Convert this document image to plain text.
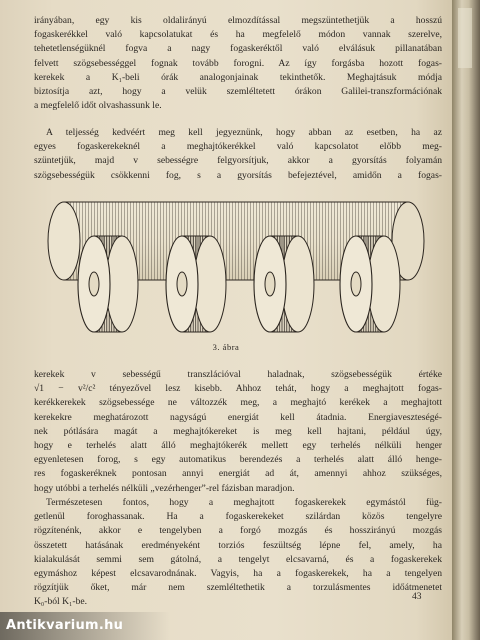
irányában, egy kis oldalirányú elmozdítással megszüntethetjük a hosszú
fogaskerékkel való kapcsolatukat és ha megfelelő módon vannak szerelve,
tehetetlenségüknél fogva a nagy fogaskeréktől való elválásuk pillanatában
felvett szögsebességgel fognak tovább forogni. Az így forgásba hozott fogas-
kerekek a K₁-beli órák analogonjainak tekinthetők. Meghajtásuk módja
biztosítja azt, hogy a velük szemléltetett órákon Galilei-transzformációnak
a megfelelő időt olvashassunk le.
A teljesség kedvéért meg kell jegyeznünk, hogy abban az esetben, ha az
egyes fogaskerekeknél a meghajtókerékkel való kapcsolatot előbb meg-
szüntetjük, majd v sebességre felgyorsítjuk, akkor a gyorsítás folyamán
szögsebességük csökkenni fog, s a gyorsítás befejeztével, amidőn a fogas-
3. ábra
kerekek v sebességű transzlációval haladnak, szögsebességük értéke
√1 − v²/c² tényezővel lesz kisebb. Ahhoz tehát, hogy a meghajtott fogas-
kerékkerekek szögsebessége ne változzék meg, a meghajtó kerékek a meghajtott
kerekekre meghatározott nagyságú energiát kell átadnia. Energiaveszteségé-
nek pótlására magát a meghajtókereket is meg kell hajtani, például úgy,
hogy e terhelés alatt álló meghajtókerék mellett egy terhelés nélküli henger
egyenletesen forog, s egy automatikus berendezés a terhelés alatt álló henge-
res fogaskeréknek pontosan annyi energiát ad át, amennyi ahhoz szükséges,
hogy utóbbi a terhelés nélküli „vezérhenger”-rel fázisban maradjon.
Természetesen fontos, hogy a meghajtott fogaskerekek egymástól füg-
getlenül foroghassanak. Ha a fogaskerekeket szilárdan közös tengelyre
rögzítenénk, akkor e tengelyben a forgó mozgás és hosszirányú mozgás
összetett hatásának eredményeként torziós feszültség lépne fel, amely, ha
kialakulását semmi sem gátolná, a tengelyt elcsavarná, és a fogaskerekek
egymáshoz képest elcsavarodnának. Vagyis, ha a fogaskerekek, ha a tengelyen
rögzítjük őket, már nem szemléltethetik a torzulásmentes időátmenetet
K₀-ból K₁-be.	43
Antikvarium.hu
